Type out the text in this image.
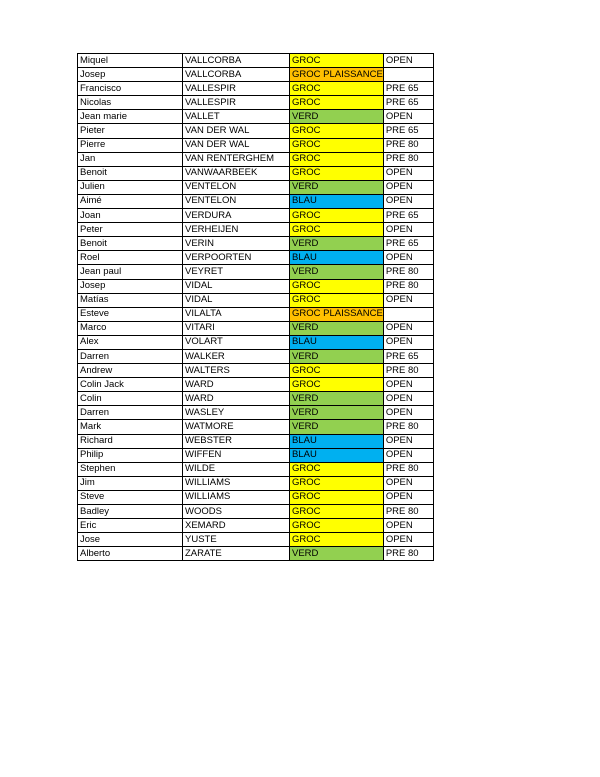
Miquel	VALLCORBA	GROC	OPEN
Josep	VALLCORBA	GROC PLAISSANCE	
Francisco	VALLESPIR	GROC	PRE 65
Nicolas	VALLESPIR	GROC	PRE 65
Jean marie	VALLET	VERD	OPEN
Pieter	VAN DER WAL	GROC	PRE 65
Pierre	VAN DER WAL	GROC	PRE 80
Jan	VAN RENTERGHEM	GROC	PRE 80
Benoit	VANWAARBEEK	GROC	OPEN
Julien	VENTELON	VERD	OPEN
Aimé	VENTELON	BLAU	OPEN
Joan	VERDURA	GROC	PRE 65
Peter	VERHEIJEN	GROC	OPEN
Benoit	VERIN	VERD	PRE 65
Roel	VERPOORTEN	BLAU	OPEN
Jean paul	VEYRET	VERD	PRE 80
Josep	VIDAL	GROC	PRE 80
Matías	VIDAL	GROC	OPEN
Esteve	VILALTA	GROC PLAISSANCE	
Marco	VITARI	VERD	OPEN
Alex	VOLART	BLAU	OPEN
Darren	WALKER	VERD	PRE 65
Andrew	WALTERS	GROC	PRE 80
Colin Jack	WARD	GROC	OPEN
Colin	WARD	VERD	OPEN
Darren	WASLEY	VERD	OPEN
Mark	WATMORE	VERD	PRE 80
Richard	WEBSTER	BLAU	OPEN
Philip	WIFFEN	BLAU	OPEN
Stephen	WILDE	GROC	PRE 80
Jim	WILLIAMS	GROC	OPEN
Steve	WILLIAMS	GROC	OPEN
Badley	WOODS	GROC	PRE 80
Eric	XEMARD	GROC	OPEN
Jose	YUSTE	GROC	OPEN
Alberto	ZARATE	VERD	PRE 80
